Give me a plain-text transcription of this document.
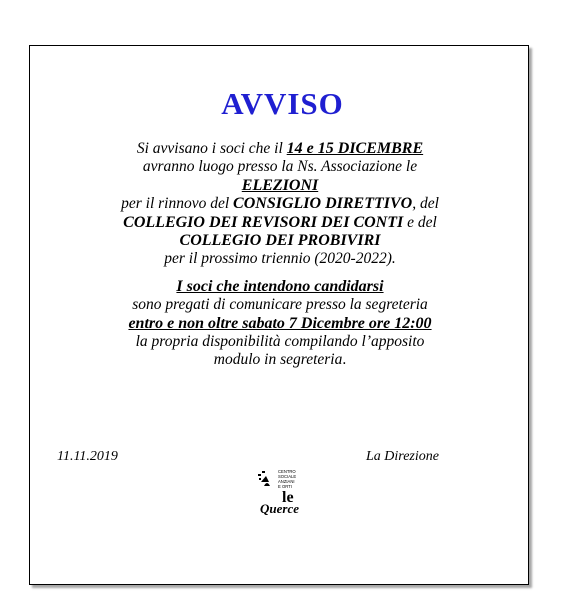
AVVISO

Si avvisano i soci che il 14 e 15 DICEMBRE

avranno luogo presso la Ns. Associazione le

ELEZIONI

per il rinnovo del CONSIGLIO DIRETTIVO, del

COLLEGIO DEI REVISORI DEI CONTI e del

COLLEGIO DEI PROBIVIRI

per il prossimo triennio (2020-2022).

I soci che intendono candidarsi

sono pregati di comunicare presso la segreteria

entro e non oltre sabato 7 Dicembre ore 12:00

la propria disponibilità compilando l’apposito

modulo in segreteria.

11.11.2019	La Direzione
CENTRO
SOCIALE
ANZIANI
E ORTI
le
Querce
